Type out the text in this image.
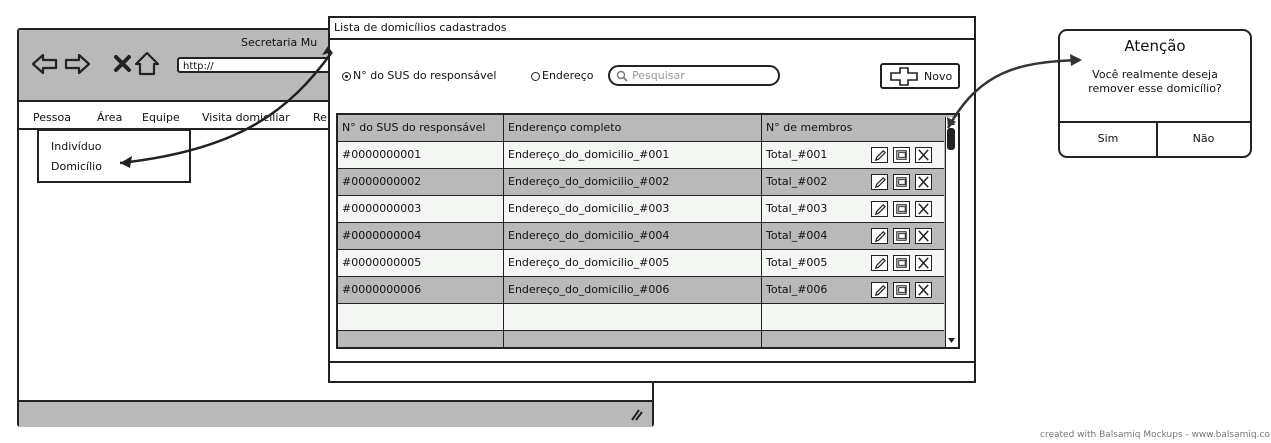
Secretaria Mu
http://
Pessoa Área Equipe Visita domiciliar Re
Indivíduo
Domicílio
Lista de domicílios cadastrados
N° do SUS do responsável	Endereço	Pesquisar	Novo
N° do SUS do responsável	Enderenço completo	N° de membros
#0000000001	Endereço_do_domicilio_#001	Total_#001
#0000000002	Endereço_do_domicilio_#002	Total_#002
#0000000003	Endereço_do_domicilio_#003	Total_#003
#0000000004	Endereço_do_domicilio_#004	Total_#004
#0000000005	Endereço_do_domicilio_#005	Total_#005
#0000000006	Endereço_do_domicilio_#006	Total_#006
Atenção
Você realmente deseja
remover esse domicílio?
Sim	Não
created with Balsamiq Mockups - www.balsamiq.co
